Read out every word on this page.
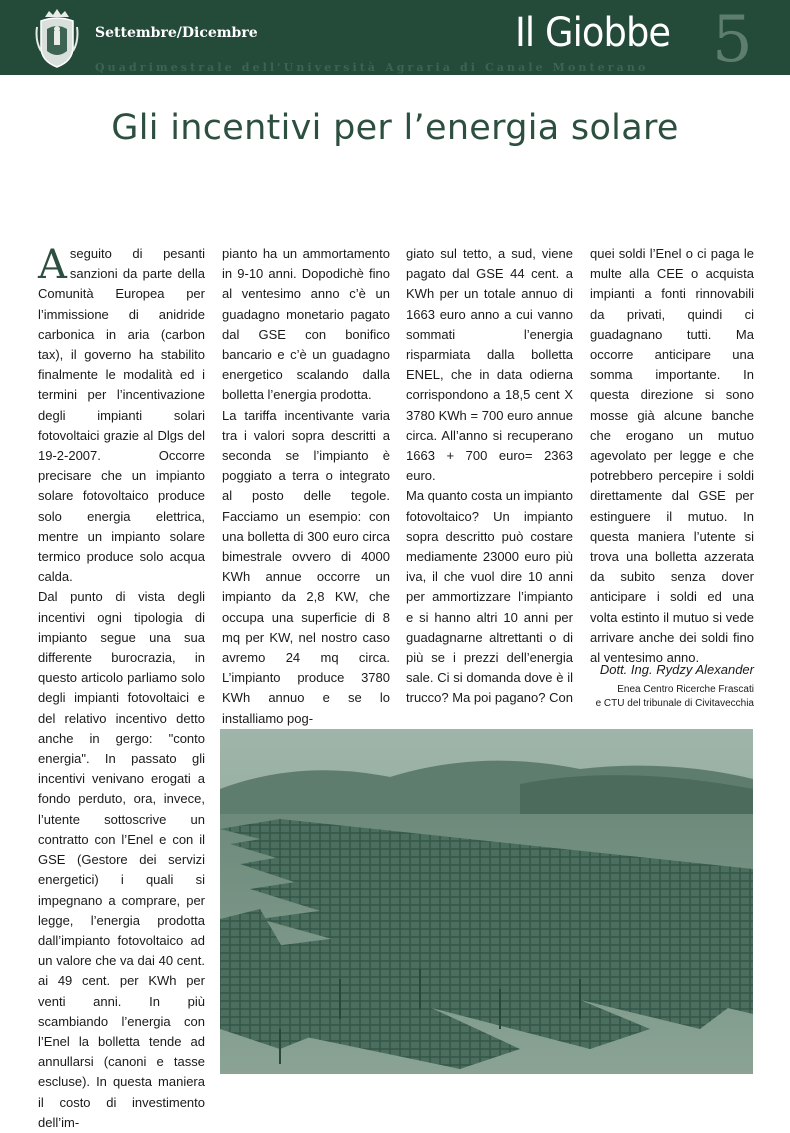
Settembre/Dicembre	Il Giobbe 5
Quadrimestrale dell'Università Agraria di Canale Monterano
Gli incentivi per l’energia solare

Aseguito di pesanti sanzioni da parte della Comunità Europea per l’immissione di anidride carbonica in aria (carbon tax), il governo ha stabilito finalmente le modalità ed i termini per l’incentivazione degli impianti solari fotovoltaici grazie al Dlgs del 19-2-2007. Occorre precisare che un impianto solare fotovoltaico produce solo energia elettrica, mentre un impianto solare termico produce solo acqua calda.

Dal punto di vista degli incentivi ogni tipologia di impianto segue una sua differente burocrazia, in questo articolo parliamo solo degli impianti fotovoltaici e del relativo incentivo detto anche in gergo: "conto energia". In passato gli incentivi venivano erogati a fondo perduto, ora, invece, l’utente sottoscrive un contratto con l’Enel e con il GSE (Gestore dei servizi energetici) i quali si impegnano a comprare, per legge, l’energia prodotta dall’impianto fotovoltaico ad un valore che va dai 40 cent. ai 49 cent. per KWh per venti anni. In più scambiando l’energia con l’Enel la bolletta tende ad annullarsi (canoni e tasse escluse). In questa maniera il costo di investimento dell’im-

pianto ha un ammortamento in 9-10 anni. Dopodichè fino al ventesimo anno c’è un guadagno monetario pagato dal GSE con bonifico bancario e c’è un guadagno energetico scalando dalla bolletta l’energia prodotta.

La tariffa incentivante varia tra i valori sopra descritti a seconda se l’impianto è poggiato a terra o integrato al posto delle tegole. Facciamo un esempio: con una bolletta di 300 euro circa bimestrale ovvero di 4000 KWh annue occorre un impianto da 2,8 KW, che occupa una superficie di 8 mq per KW, nel nostro caso avremo 24 mq circa. L’impianto produce 3780 KWh annuo e se lo installiamo pog-

giato sul tetto, a sud, viene pagato dal GSE 44 cent. a KWh per un totale annuo di 1663 euro anno a cui vanno sommati l’energia risparmiata dalla bolletta ENEL, che in data odierna corrispondono a 18,5 cent X 3780 KWh = 700 euro annue circa. All’anno si recuperano 1663 + 700 euro= 2363 euro.

Ma quanto costa un impianto fotovoltaico? Un impianto sopra descritto può costare mediamente 23000 euro più iva, il che vuol dire 10 anni per ammortizzare l’impianto e si hanno altri 10 anni per guadagnarne altrettanti o di più se i prezzi dell’energia sale. Ci si domanda dove è il trucco? Ma poi pagano? Con

quei soldi l’Enel o ci paga le multe alla CEE o acquista impianti a fonti rinnovabili da privati, quindi ci guadagnano tutti. Ma occorre anticipare una somma importante. In questa direzione si sono mosse già alcune banche che erogano un mutuo agevolato per legge e che potrebbero percepire i soldi direttamente dal GSE per estinguere il mutuo. In questa maniera l’utente si trova una bolletta azzerata da subito senza dover anticipare i soldi ed una volta estinto il mutuo si vede arrivare anche dei soldi fino al ventesimo anno.

Dott. Ing. Rydzy Alexander
Enea Centro Ricerche Frascati
e CTU del tribunale di Civitavecchia
